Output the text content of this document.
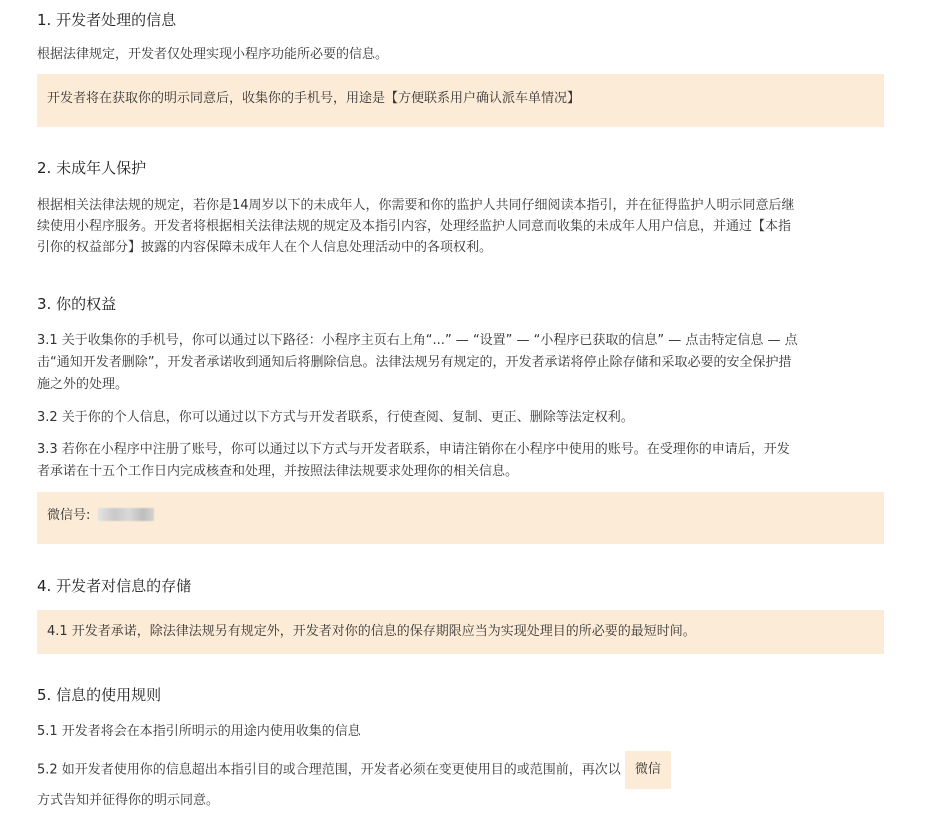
1. 开发者处理的信息
根据法律规定，开发者仅处理实现小程序功能所必要的信息。
开发者将在获取你的明示同意后，收集你的手机号，用途是【方便联系用户确认派车单情况】
2. 未成年人保护
根据相关法律法规的规定，若你是14周岁以下的未成年人，你需要和你的监护人共同仔细阅读本指引，并在征得监护人明示同意后继
续使用小程序服务。开发者将根据相关法律法规的规定及本指引内容，处理经监护人同意而收集的未成年人用户信息，并通过【本指
引你的权益部分】披露的内容保障未成年人在个人信息处理活动中的各项权利。
3. 你的权益
3.1 关于收集你的手机号，你可以通过以下路径：小程序主页右上角“...” — “设置” — “小程序已获取的信息” — 点击特定信息 — 点
击“通知开发者删除”，开发者承诺收到通知后将删除信息。法律法规另有规定的，开发者承诺将停止除存储和采取必要的安全保护措
施之外的处理。
3.2 关于你的个人信息，你可以通过以下方式与开发者联系，行使查阅、复制、更正、删除等法定权利。
3.3 若你在小程序中注册了账号，你可以通过以下方式与开发者联系，申请注销你在小程序中使用的账号。在受理你的申请后，开发
者承诺在十五个工作日内完成核查和处理，并按照法律法规要求处理你的相关信息。
微信号:
4. 开发者对信息的存储
4.1 开发者承诺，除法律法规另有规定外，开发者对你的信息的保存期限应当为实现处理目的所必要的最短时间。
5. 信息的使用规则
5.1 开发者将会在本指引所明示的用途内使用收集的信息
5.2 如开发者使用你的信息超出本指引目的或合理范围，开发者必须在变更使用目的或范围前，再次以 微信
方式告知并征得你的明示同意。
